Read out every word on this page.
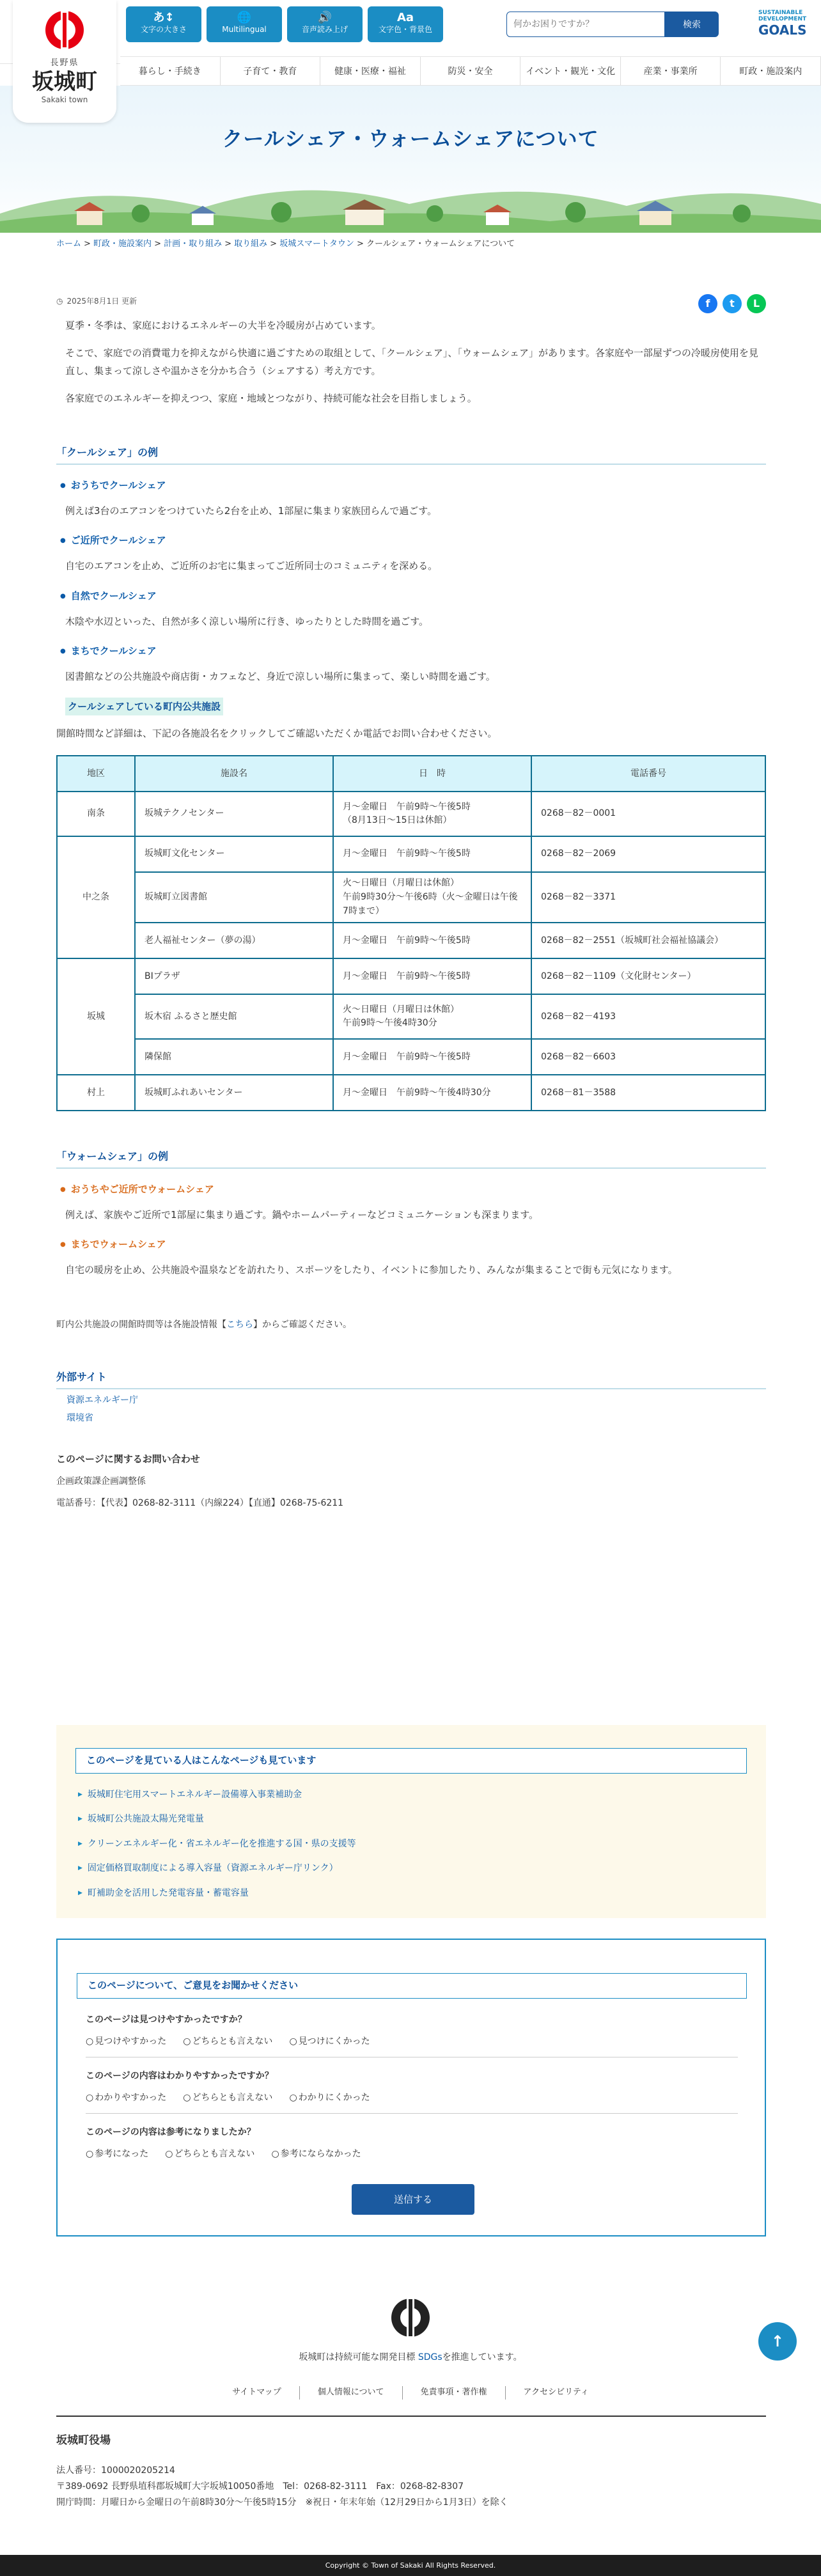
長野県
坂城町
Sakaki town
あ↕
文字の大きさ
🌐
Multilingual
🔊
音声読み上げ
Aa
文字色・背景色
何かお困りですか？	検索
SUSTAINABLE
DEVELOPMENT
GOALS
暮らし・手続き	子育て・教育	健康・医療・福祉	防災・安全	イベント・観光・文化	産業・事業所	町政・施設案内
クールシェア・ウォームシェアについて
ホーム > 町政・施設案内 > 計画・取り組み > 取り組み > 坂城スマートタウン > クールシェア・ウォームシェアについて
◷ 2025年8月1日 更新	f	t	L

夏季・冬季は、家庭におけるエネルギーの大半を冷暖房が占めています。

そこで、家庭での消費電力を抑えながら快適に過ごすための取組として、「クールシェア」、「ウォームシェア」があります。各家庭や一部屋ずつの冷暖房使用を見直し、集まって涼しさや温かさを分かち合う（シェアする）考え方です。

各家庭でのエネルギーを抑えつつ、家庭・地域とつながり、持続可能な社会を目指しましょう。

「クールシェア」の例
● おうちでクールシェア

例えば3台のエアコンをつけていたら2台を止め、1部屋に集まり家族団らんで過ごす。

● ご近所でクールシェア

自宅のエアコンを止め、ご近所のお宅に集まってご近所同士のコミュニティを深める。

● 自然でクールシェア

木陰や水辺といった、自然が多く涼しい場所に行き、ゆったりとした時間を過ごす。

● まちでクールシェア

図書館などの公共施設や商店街・カフェなど、身近で涼しい場所に集まって、楽しい時間を過ごす。

クールシェアしている町内公共施設

開館時間など詳細は、下記の各施設名をクリックしてご確認いただくか電話でお問い合わせください。

地区	施設名	日　時	電話番号
南条	坂城テクノセンター	月～金曜日　午前9時～午後5時
（8月13日～15日は休館）	0268－82－0001
中之条	坂城町文化センター	月～金曜日　午前9時～午後5時	0268－82－2069
	坂城町立図書館	火～日曜日（月曜日は休館）
午前9時30分～午後6時（火～金曜日は午後7時まで）	0268－82－3371
	老人福祉センター（夢の湯）	月～金曜日　午前9時～午後5時	0268－82－2551（坂城町社会福祉協議会）
坂城	BIプラザ	月～金曜日　午前9時～午後5時	0268－82－1109（文化財センター）
	坂木宿 ふるさと歴史館	火～日曜日（月曜日は休館）
午前9時～午後4時30分	0268－82－4193
	隣保館	月～金曜日　午前9時～午後5時	0268－82－6603
村上	坂城町ふれあいセンター	月～金曜日　午前9時～午後4時30分	0268－81－3588
「ウォームシェア」の例
● おうちやご近所でウォームシェア

例えば、家族やご近所で1部屋に集まり過ごす。鍋やホームパーティーなどコミュニケーションも深まります。

● まちでウォームシェア

自宅の暖房を止め、公共施設や温泉などを訪れたり、スポーツをしたり、イベントに参加したり、みんなが集まることで街も元気になります。

町内公共施設の開館時間等は各施設情報【こちら】からご確認ください。

外部サイト
資源エネルギー庁
環境省
このページに関するお問い合わせ
企画政策課企画調整係
電話番号：【代表】0268-82-3111（内線224）【直通】0268-75-6211
このページを見ている人はこんなページも見ています
▶ 坂城町住宅用スマートエネルギー設備導入事業補助金
▶ 坂城町公共施設太陽光発電量
▶ クリーンエネルギー化・省エネルギー化を推進する国・県の支援等
▶ 固定価格買取制度による導入容量（資源エネルギー庁リンク）
▶ 町補助金を活用した発電容量・蓄電容量
このページについて、ご意見をお聞かせください
このページは見つけやすかったですか？
○ 見つけやすかった	○ どちらとも言えない	○ 見つけにくかった
このページの内容はわかりやすかったですか？
○ わかりやすかった	○ どちらとも言えない	○ わかりにくかった
このページの内容は参考になりましたか？
○ 参考になった	○ どちらとも言えない	○ 参考にならなかった
送信する
坂城町は持続可能な開発目標 SDGsを推進しています。
サイトマップ	個人情報について	免責事項・著作権	アクセシビリティ
坂城町役場
法人番号：1000020205214
〒389-0692 長野県埴科郡坂城町大字坂城10050番地　Tel：0268-82-3111　Fax：0268-82-8307
開庁時間：月曜日から金曜日の午前8時30分～午後5時15分　※祝日・年末年始（12月29日から1月3日）を除く
↑
Copyright © Town of Sakaki All Rights Reserved.
